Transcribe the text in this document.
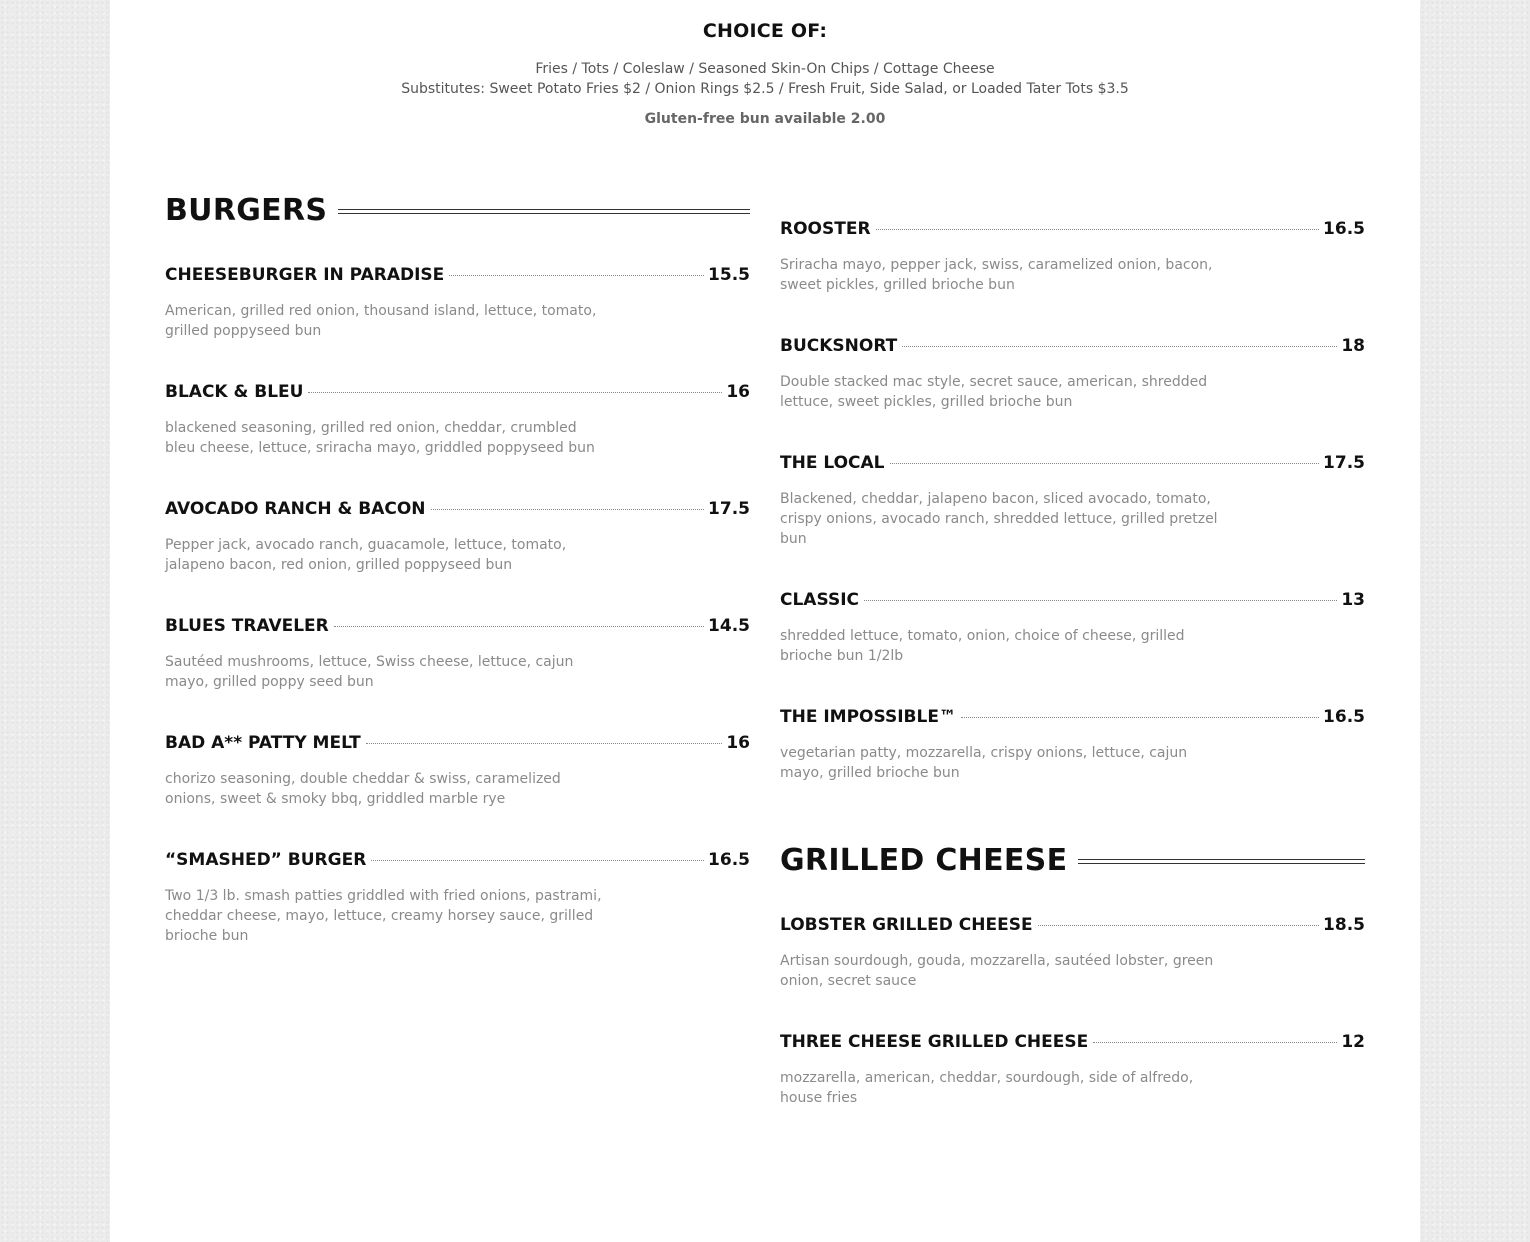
CHOICE OF:
Fries / Tots / Coleslaw / Seasoned Skin-On Chips / Cottage Cheese
Substitutes: Sweet Potato Fries $2 / Onion Rings $2.5 / Fresh Fruit, Side Salad, or Loaded Tater Tots $3.5
Gluten-free bun available 2.00
BURGERS
CHEESEBURGER IN PARADISE	15.5
American, grilled red onion, thousand island, lettuce, tomato, grilled poppyseed bun
BLACK & BLEU	16
blackened seasoning, grilled red onion, cheddar, crumbled bleu cheese, lettuce, sriracha mayo, griddled poppyseed bun
AVOCADO RANCH & BACON	17.5
Pepper jack, avocado ranch, guacamole, lettuce, tomato, jalapeno bacon, red onion, grilled poppyseed bun
BLUES TRAVELER	14.5
Sautéed mushrooms, lettuce, Swiss cheese, lettuce, cajun mayo, grilled poppy seed bun
BAD A** PATTY MELT	16
chorizo seasoning, double cheddar & swiss, caramelized onions, sweet & smoky bbq, griddled marble rye
“SMASHED” BURGER	16.5
Two 1/3 lb. smash patties griddled with fried onions, pastrami, cheddar cheese, mayo, lettuce, creamy horsey sauce, grilled brioche bun
ROOSTER	16.5
Sriracha mayo, pepper jack, swiss, caramelized onion, bacon, sweet pickles, grilled brioche bun
BUCKSNORT	18
Double stacked mac style, secret sauce, american, shredded lettuce, sweet pickles, grilled brioche bun
THE LOCAL	17.5
Blackened, cheddar, jalapeno bacon, sliced avocado, tomato, crispy onions, avocado ranch, shredded lettuce, grilled pretzel bun
CLASSIC	13
shredded lettuce, tomato, onion, choice of cheese, grilled brioche bun 1/2lb
THE IMPOSSIBLE™	16.5
vegetarian patty, mozzarella, crispy onions, lettuce, cajun mayo, grilled brioche bun
GRILLED CHEESE
LOBSTER GRILLED CHEESE	18.5
Artisan sourdough, gouda, mozzarella, sautéed lobster, green onion, secret sauce
THREE CHEESE GRILLED CHEESE	12
mozzarella, american, cheddar, sourdough, side of alfredo, house fries
